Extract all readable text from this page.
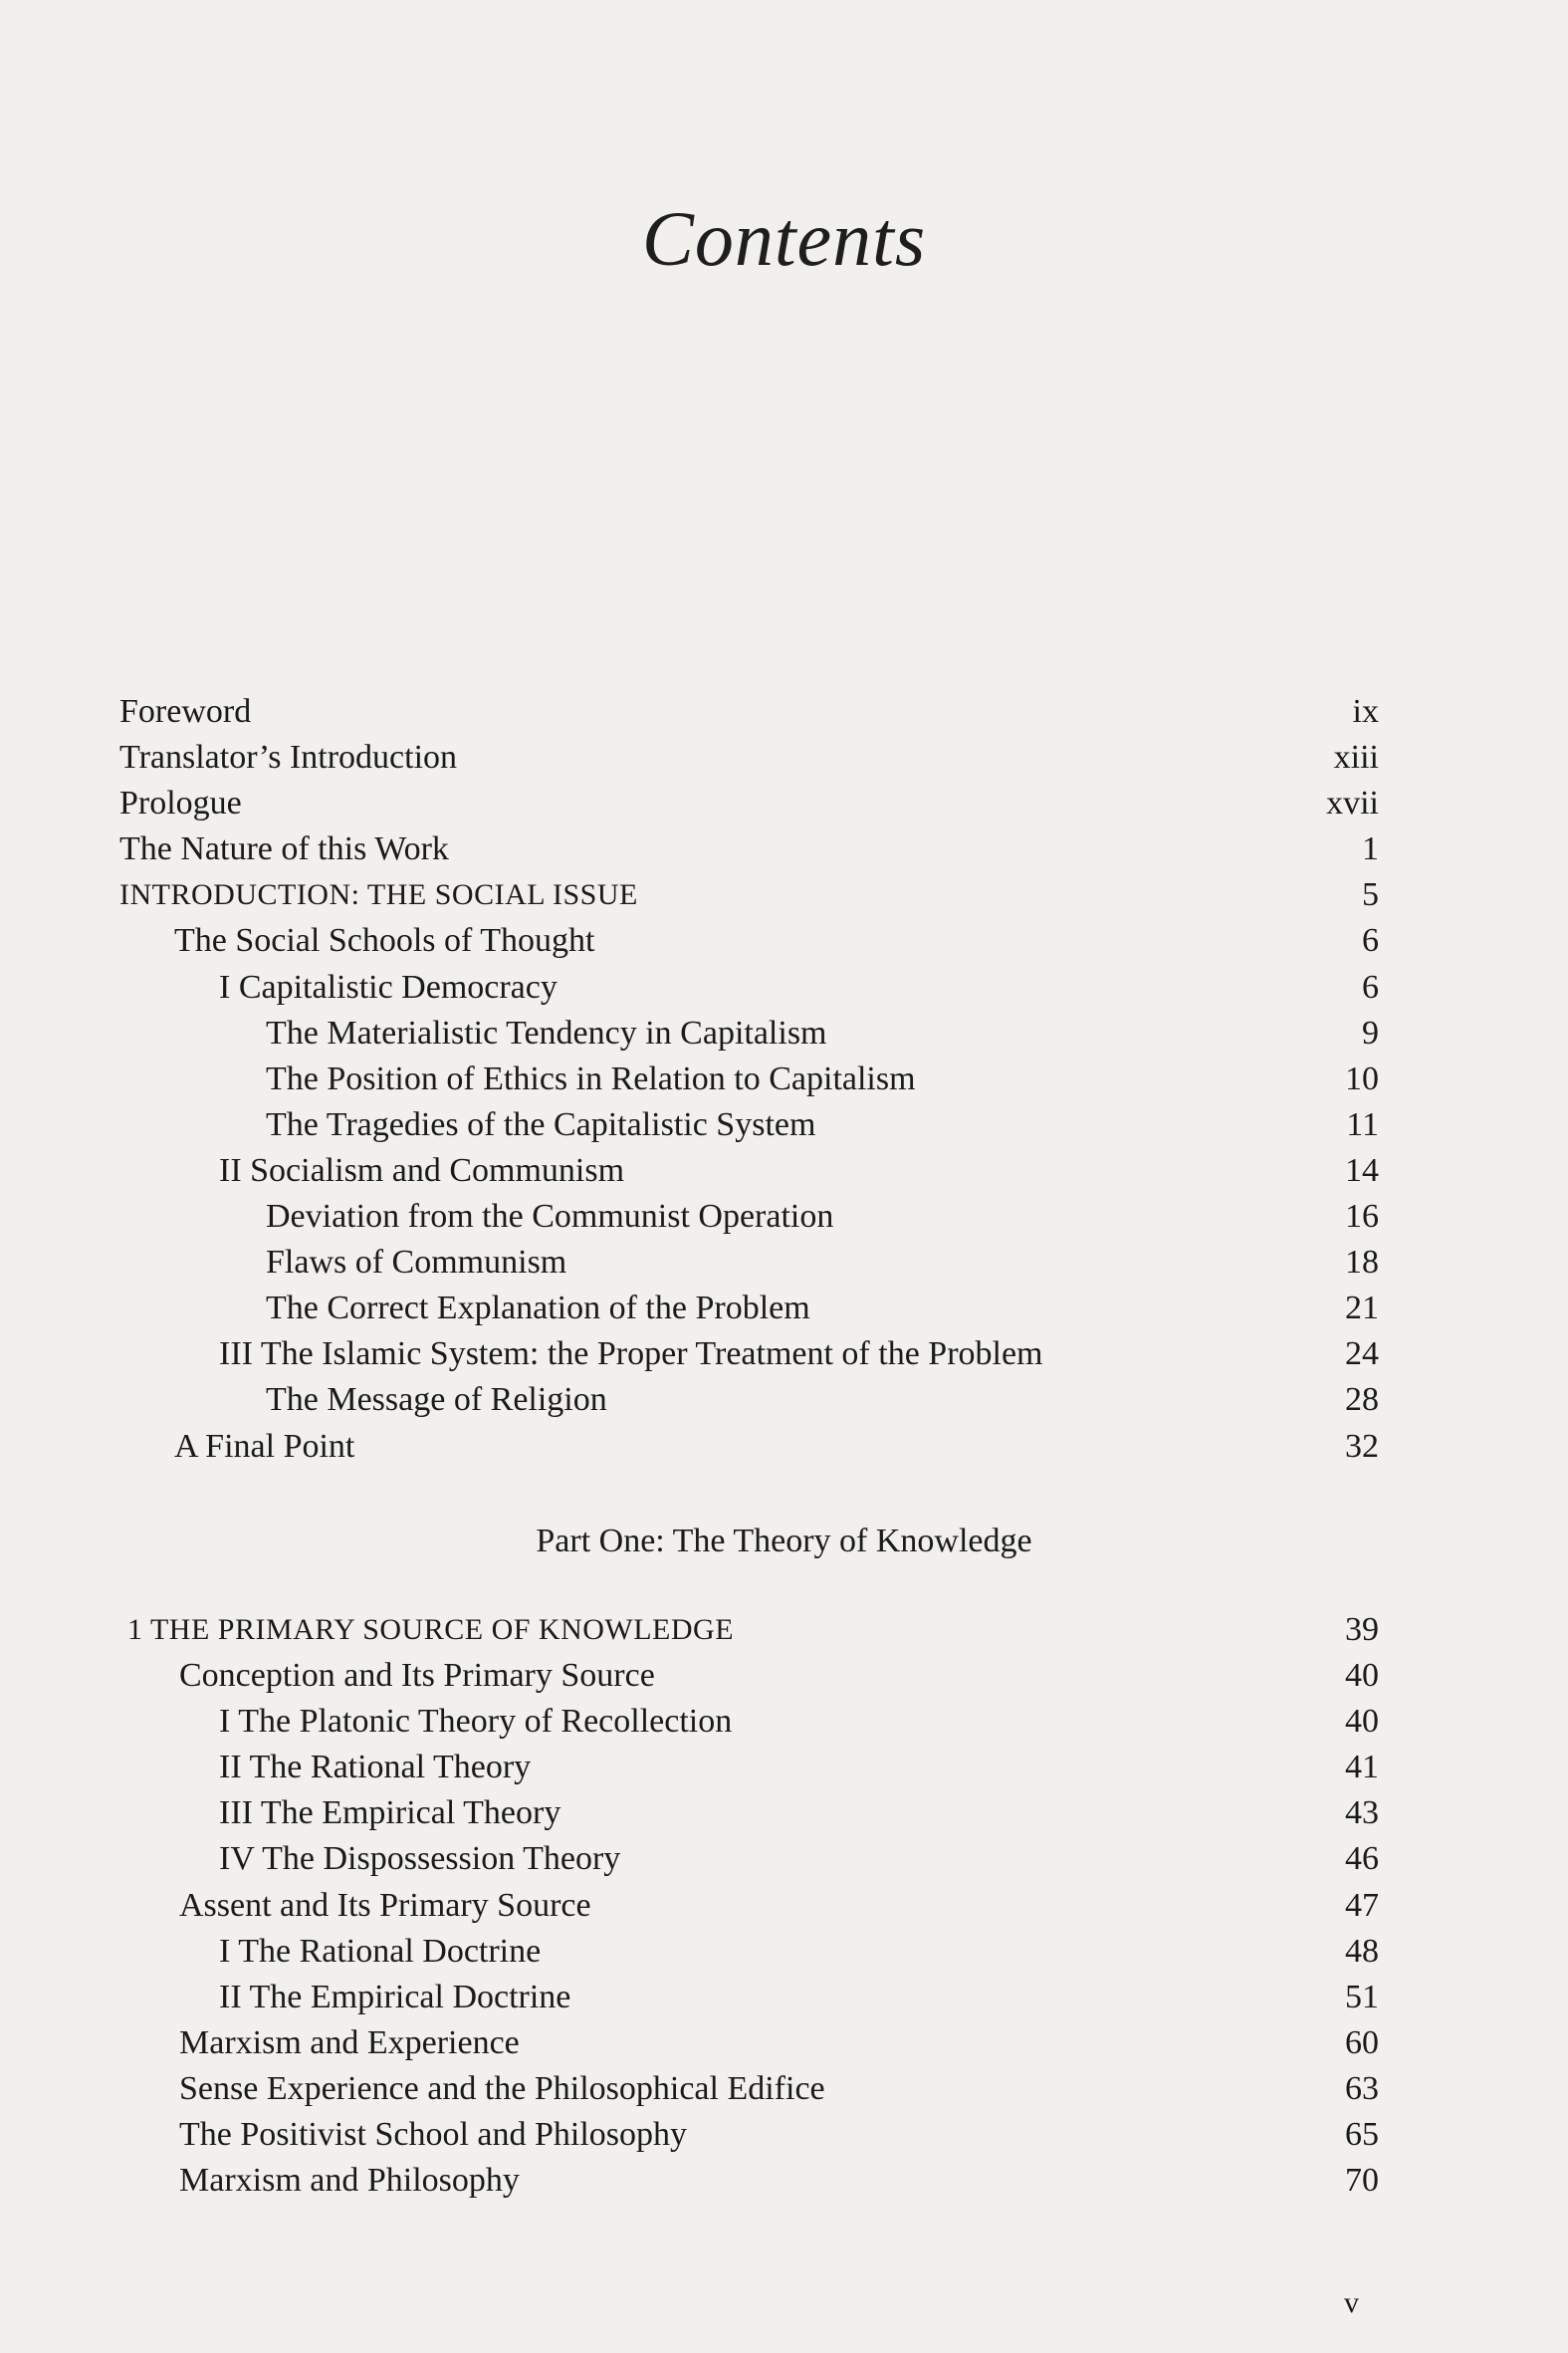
Contents
Foreword	ix
Translator’s Introduction	xiii
Prologue	xvii
The Nature of this Work	1
INTRODUCTION: THE SOCIAL ISSUE	5
The Social Schools of Thought	6
I Capitalistic Democracy	6
The Materialistic Tendency in Capitalism	9
The Position of Ethics in Relation to Capitalism	10
The Tragedies of the Capitalistic System	11
II Socialism and Communism	14
Deviation from the Communist Operation	16
Flaws of Communism	18
The Correct Explanation of the Problem	21
III The Islamic System: the Proper Treatment of the Problem	24
The Message of Religion	28
A Final Point	32
Part One: The Theory of Knowledge
1 THE PRIMARY SOURCE OF KNOWLEDGE	39
Conception and Its Primary Source	40
I The Platonic Theory of Recollection	40
II The Rational Theory	41
III The Empirical Theory	43
IV The Dispossession Theory	46
Assent and Its Primary Source	47
I The Rational Doctrine	48
II The Empirical Doctrine	51
Marxism and Experience	60
Sense Experience and the Philosophical Edifice	63
The Positivist School and Philosophy	65
Marxism and Philosophy	70
v
